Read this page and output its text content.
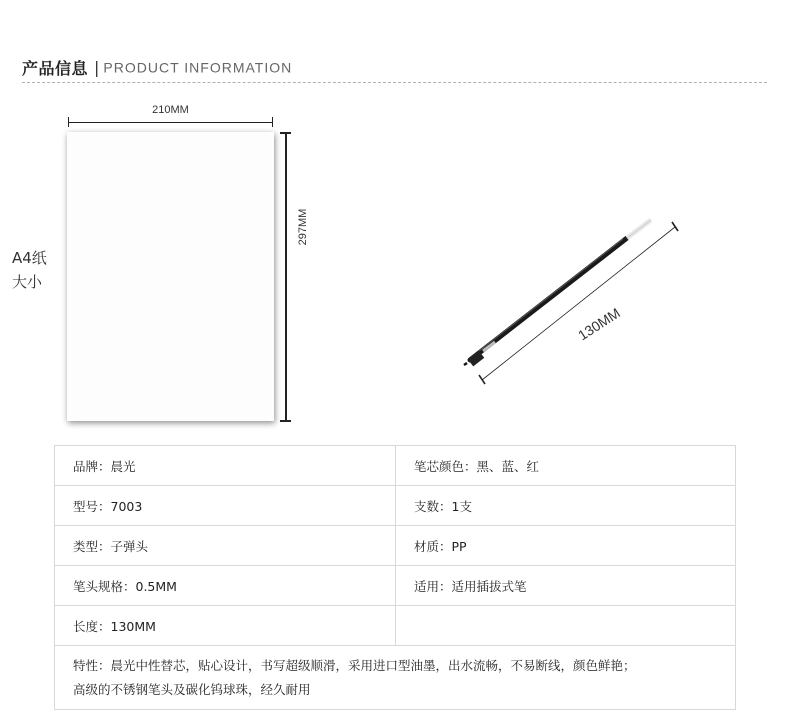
产品信息 | PRODUCT INFORMATION
210MM
297MM
A4纸
大小
130MM
品牌：晨光	笔芯颜色：黑、蓝、红
型号：7003	支数：1支
类型：子弹头	材质：PP
笔头规格：0.5MM	适用：适用插拔式笔
长度：130MM	

特性：晨光中性替芯，贴心设计，书写超级顺滑，采用进口型油墨，出水流畅，不易断线，颜色鲜艳；
高级的不锈钢笔头及碳化钨球珠，经久耐用	
